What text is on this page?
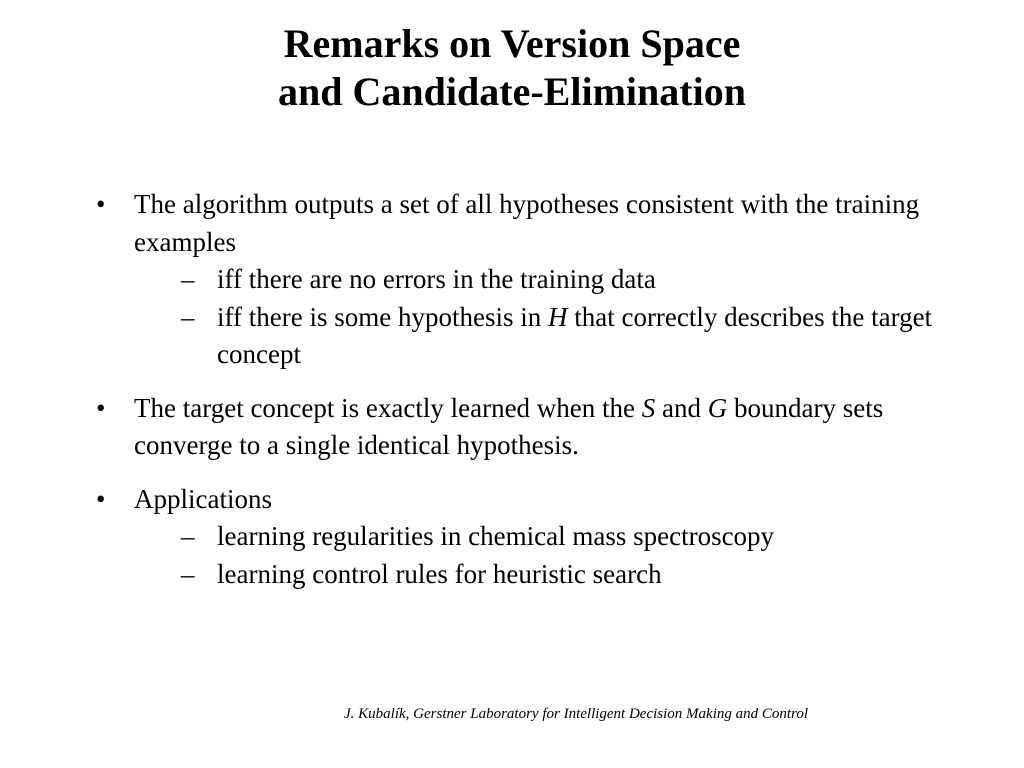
Remarks on Version Space
and Candidate-Elimination
• The algorithm outputs a set of all hypotheses consistent with the training examples
– iff there are no errors in the training data
– iff there is some hypothesis in H that correctly describes the target concept
• The target concept is exactly learned when the S and G boundary sets converge to a single identical hypothesis.
• Applications
– learning regularities in chemical mass spectroscopy
– learning control rules for heuristic search
J. Kubalík, Gerstner Laboratory for Intelligent Decision Making and Control
